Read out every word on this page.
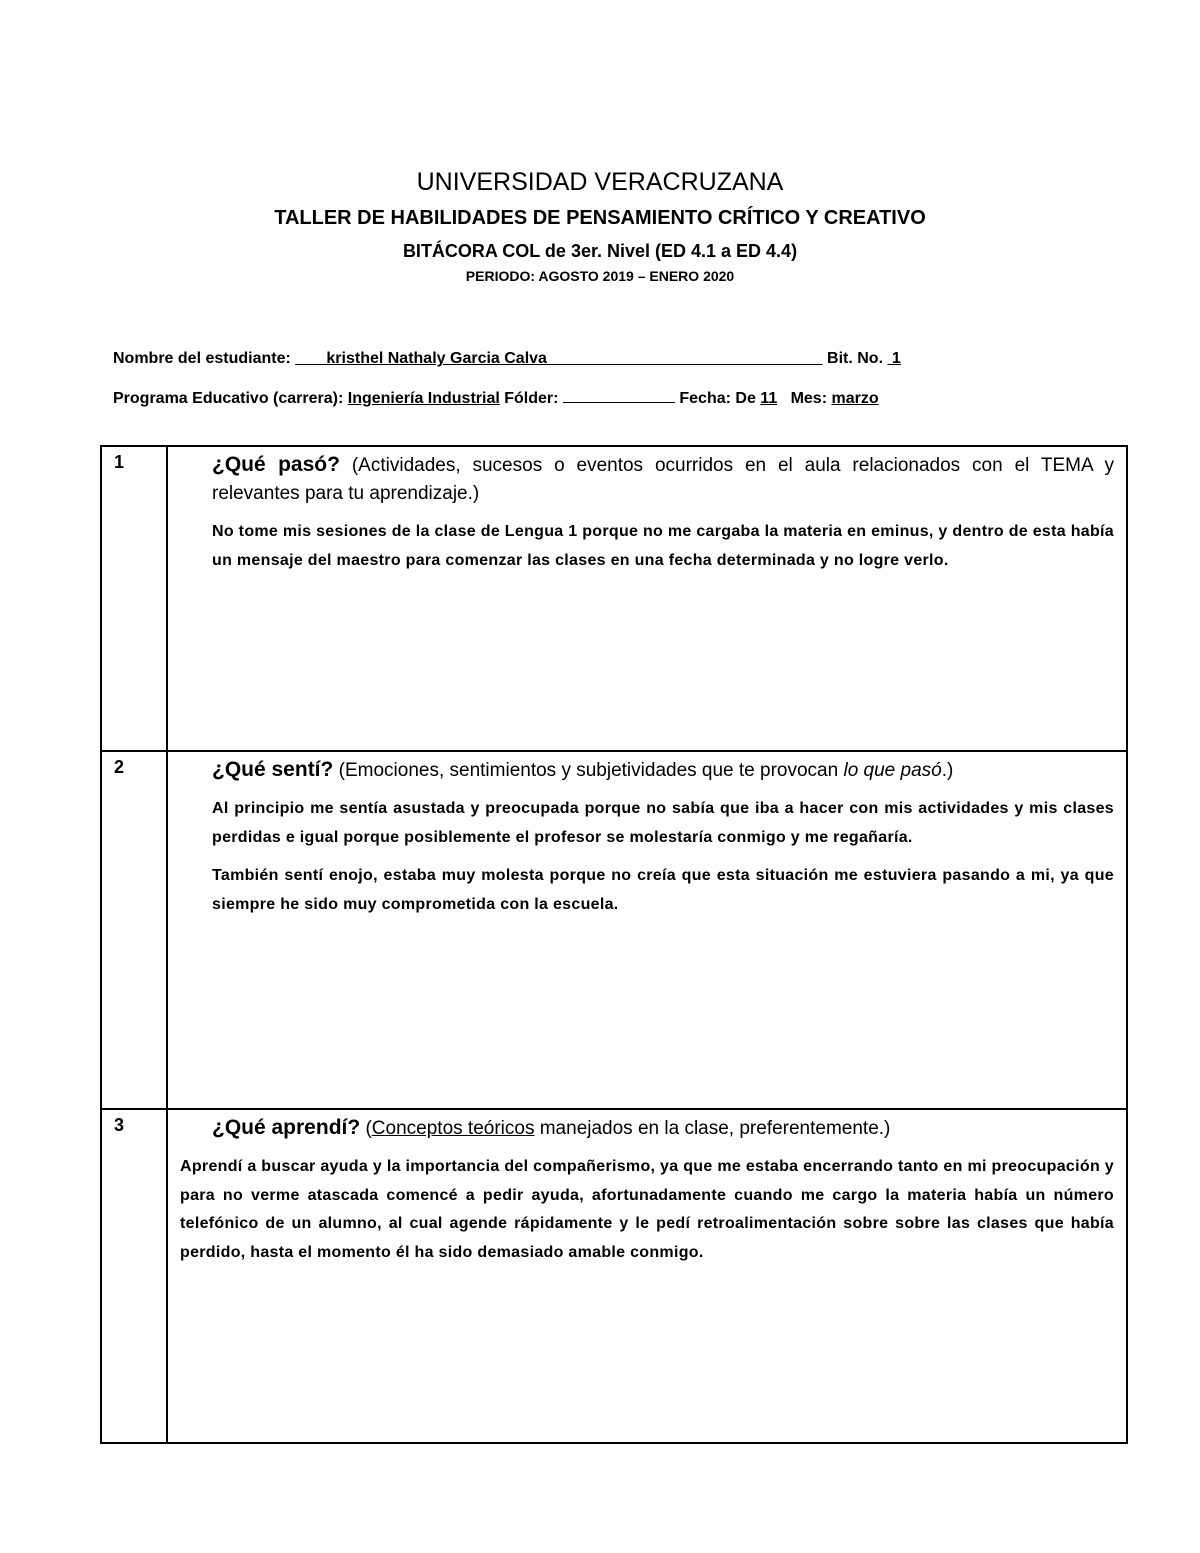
UNIVERSIDAD VERACRUZANA
TALLER DE HABILIDADES DE PENSAMIENTO CRÍTICO Y CREATIVO
BITÁCORA COL de 3er. Nivel (ED 4.1 a ED 4.4)
PERIODO: AGOSTO 2019 – ENERO 2020
Nombre del estudiante: kristhel Nathaly Garcia Calva	Bit. No. 1
Programa Educativo (carrera): Ingeniería Industrial Fólder:	Fecha: De 11 Mes: marzo
1	¿Qué pasó? (Actividades, sucesos o eventos ocurridos en el aula relacionados con el TEMA y relevantes para tu aprendizaje.)
No tome mis sesiones de la clase de Lengua 1 porque no me cargaba la materia en eminus, y dentro de esta había un mensaje del maestro para comenzar las clases en una fecha determinada y no logre verlo.

2	¿Qué sentí? (Emociones, sentimientos y subjetividades que te provocan lo que pasó.)
Al principio me sentía asustada y preocupada porque no sabía que iba a hacer con mis actividades y mis clases perdidas e igual porque posiblemente el profesor se molestaría conmigo y me regañaría.
También sentí enojo, estaba muy molesta porque no creía que esta situación me estuviera pasando a mi, ya que siempre he sido muy comprometida con la escuela.

3	¿Qué aprendí? (Conceptos teóricos manejados en la clase, preferentemente.)
Aprendí a buscar ayuda y la importancia del compañerismo, ya que me estaba encerrando tanto en mi preocupación y para no verme atascada comencé a pedir ayuda, afortunadamente cuando me cargo la materia había un número telefónico de un alumno, al cual agende rápidamente y le pedí retroalimentación sobre sobre las clases que había perdido, hasta el momento él ha sido demasiado amable conmigo.
